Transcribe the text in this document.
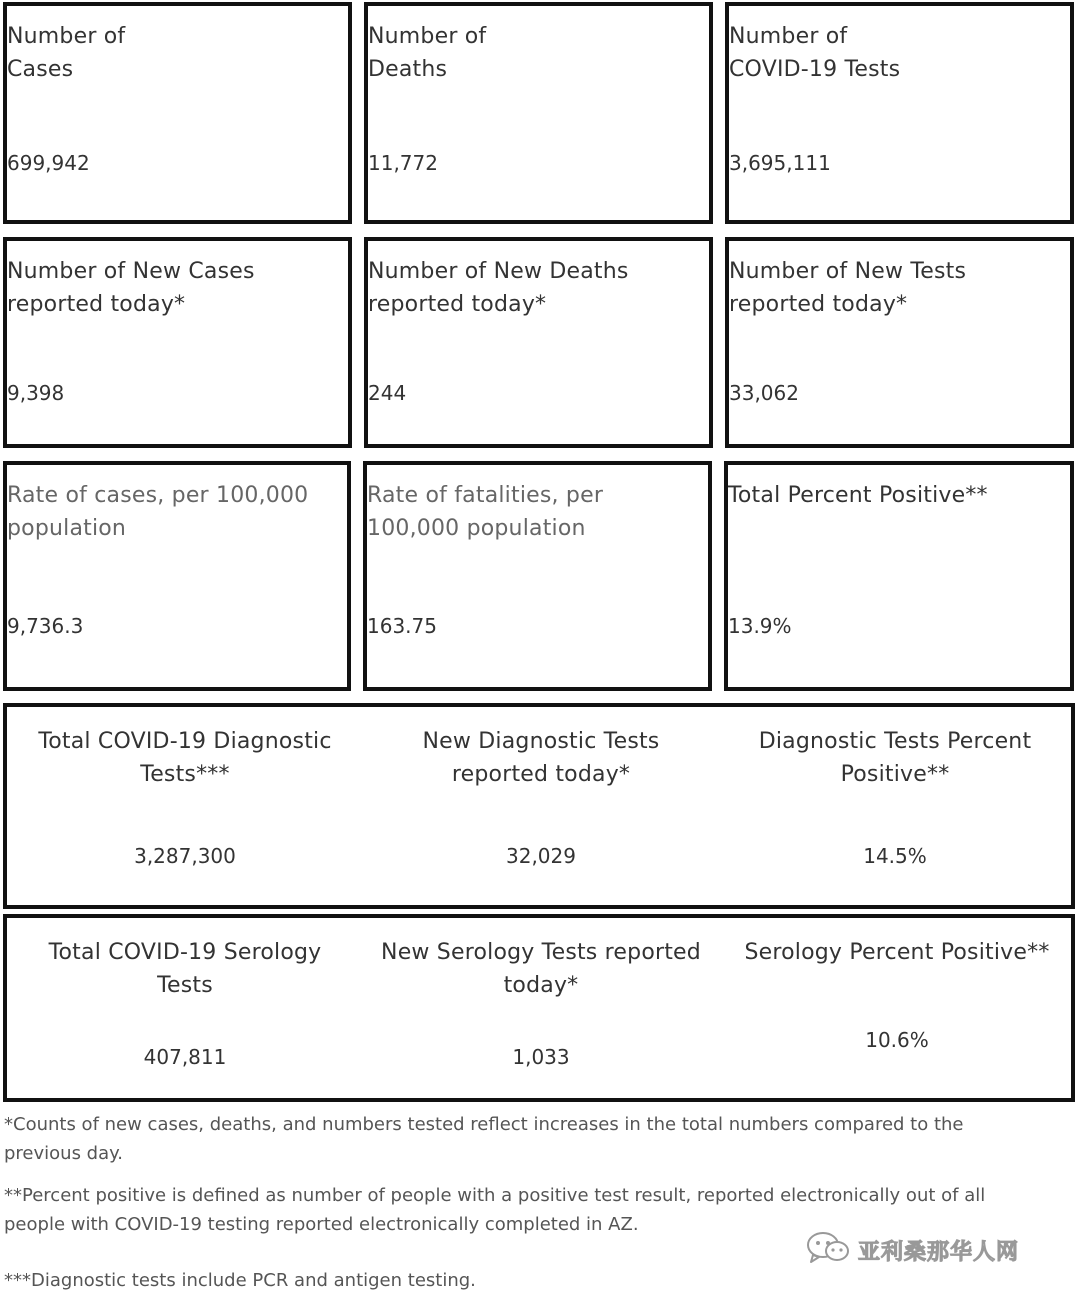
Number of
Cases
699,942
Number of
Deaths
11,772
Number of
COVID-19 Tests
3,695,111
Number of New Cases
reported today*
9,398
Number of New Deaths
reported today*
244
Number of New Tests
reported today*
33,062
Rate of cases, per 100,000
population
9,736.3
Rate of fatalities, per
100,000 population
163.75
Total Percent Positive**
13.9%
Total COVID-19 Diagnostic
Tests***
3,287,300
New Diagnostic Tests
reported today*
32,029
Diagnostic Tests Percent
Positive**
14.5%
Total COVID-19 Serology
Tests
407,811
New Serology Tests reported
today*
1,033
Serology Percent Positive**
10.6%
*Counts of new cases, deaths, and numbers tested reflect increases in the total numbers compared to the
previous day.
**Percent positive is defined as number of people with a positive test result, reported electronically out of all
people with COVID-19 testing reported electronically completed in AZ.
***Diagnostic tests include PCR and antigen testing.
亚利桑那华人网
